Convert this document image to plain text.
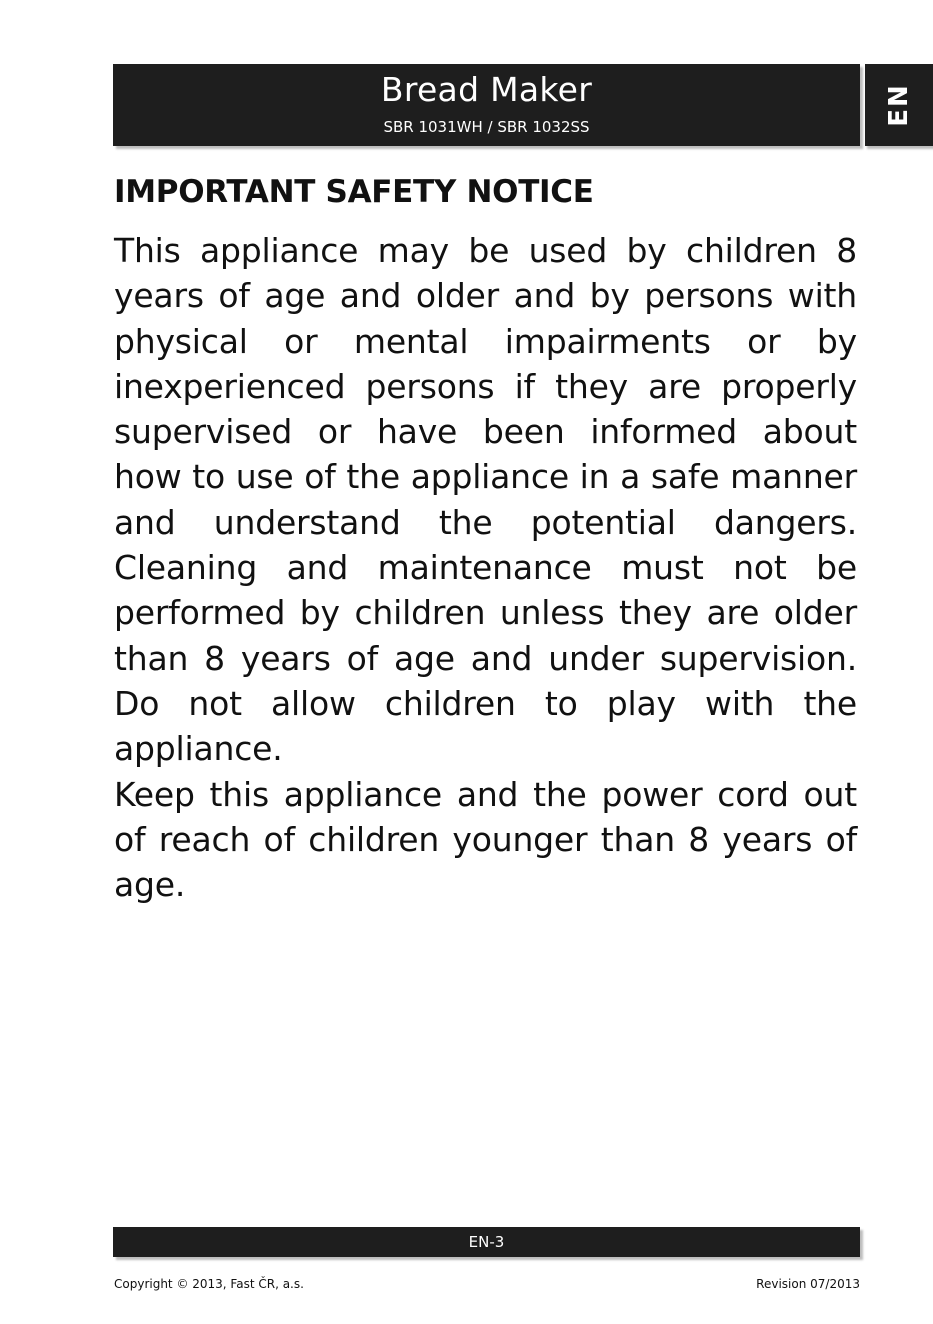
Bread Maker
SBR 1031WH / SBR 1032SS
EN
IMPORTANT SAFETY NOTICE

This appliance may be used by children 8 years of age and older and by persons with physical or mental impairments or by inexperienced persons if they are properly supervised or have been informed about how to use of the appliance in a safe manner and understand the potential dangers. Cleaning and maintenance must not be performed by children unless they are older than 8 years of age and under supervision. Do not allow children to play with the appliance.

Keep this appliance and the power cord out of reach of children younger than 8 years of age.

EN-3
Copyright © 2013, Fast ČR, a.s.	Revision 07/2013
